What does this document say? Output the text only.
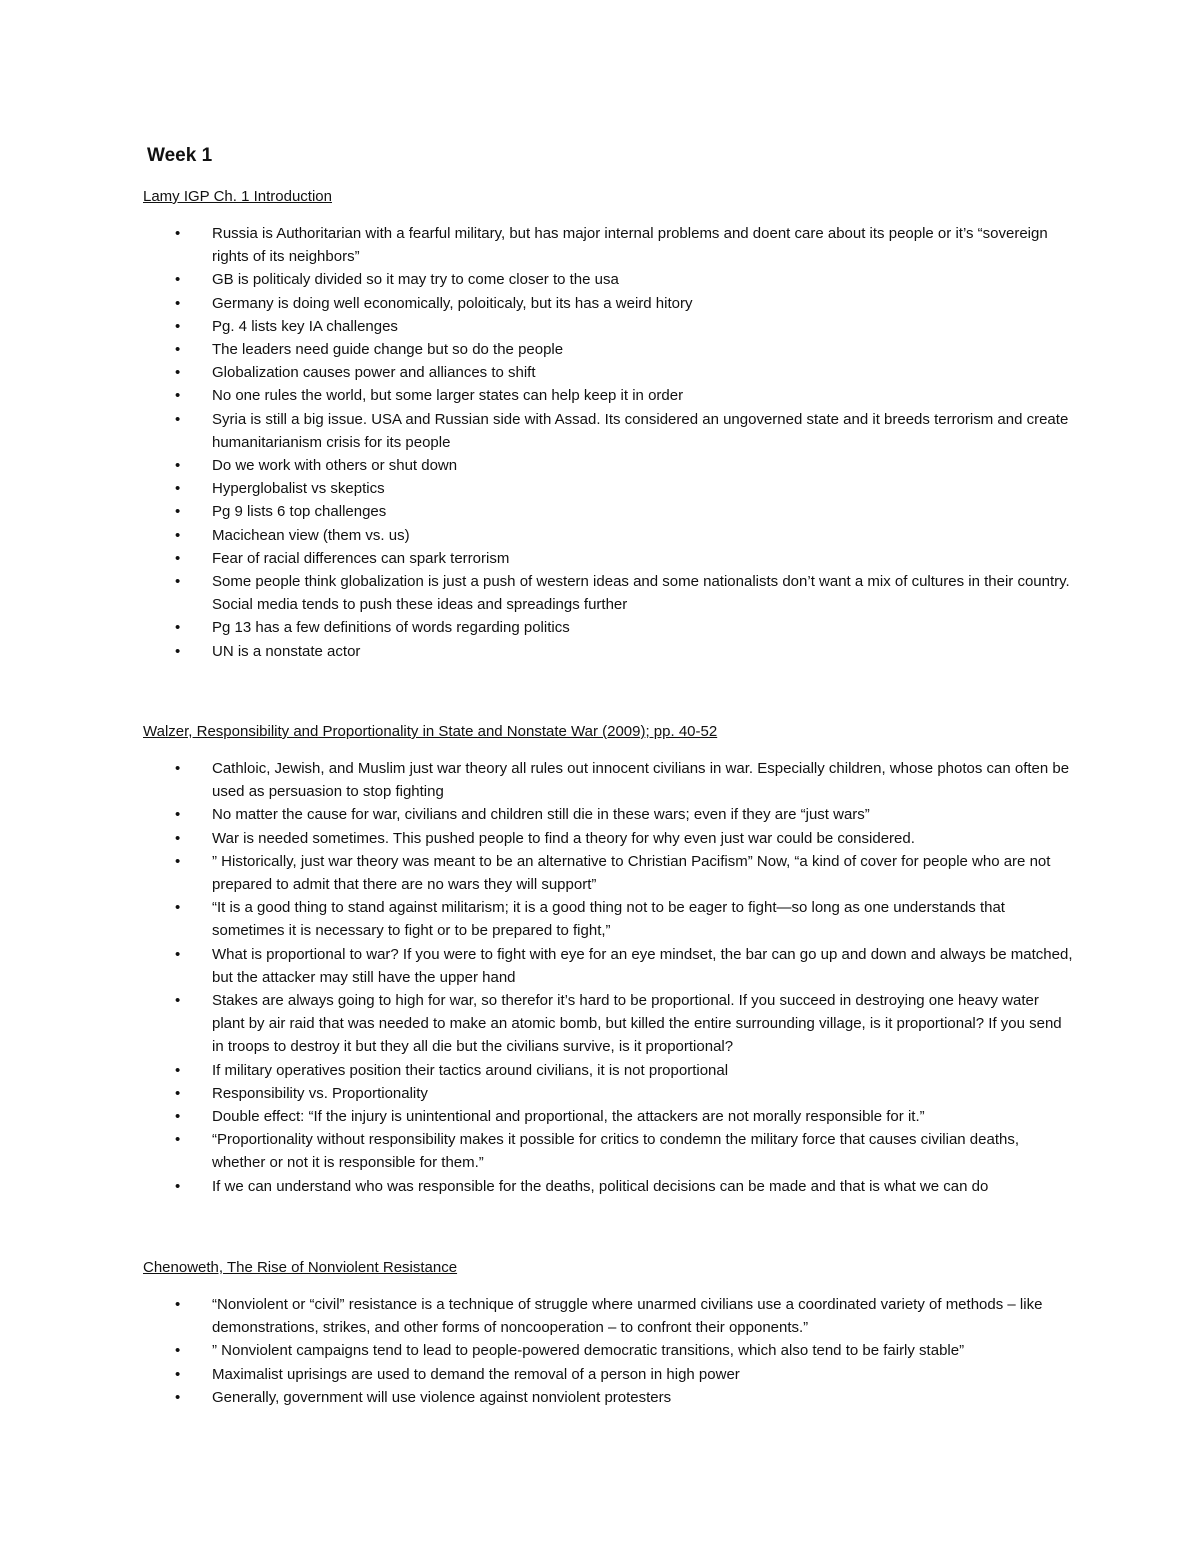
Week 1

Lamy IGP Ch. 1 Introduction

• Russia is Authoritarian with a fearful military, but has major internal problems and doent care about its people or it’s “sovereign rights of its neighbors”
• GB is politicaly divided so it may try to come closer to the usa
• Germany is doing well economically, poloiticaly, but its has a weird hitory
• Pg. 4 lists key IA challenges
• The leaders need guide change but so do the people
• Globalization causes power and alliances to shift
• No one rules the world, but some larger states can help keep it in order
• Syria is still a big issue. USA and Russian side with Assad. Its considered an ungoverned state and it breeds terrorism and create humanitarianism crisis for its people
• Do we work with others or shut down
• Hyperglobalist vs skeptics
• Pg 9 lists 6 top challenges
• Macichean view (them vs. us)
• Fear of racial differences can spark terrorism
• Some people think globalization is just a push of western ideas and some nationalists don’t want a mix of cultures in their country. Social media tends to push these ideas and spreadings further
• Pg 13 has a few definitions of words regarding politics
• UN is a nonstate actor

Walzer, Responsibility and Proportionality in State and Nonstate War (2009); pp. 40-52

• Cathloic, Jewish, and Muslim just war theory all rules out innocent civilians in war. Especially children, whose photos can often be used as persuasion to stop fighting
• No matter the cause for war, civilians and children still die in these wars; even if they are “just wars”
• War is needed sometimes. This pushed people to find a theory for why even just war could be considered.
• ” Historically, just war theory was meant to be an alternative to Christian Pacifism” Now, “a kind of cover for people who are not prepared to admit that there are no wars they will support”
• “It is a good thing to stand against militarism; it is a good thing not to be eager to fight—so long as one understands that sometimes it is necessary to fight or to be prepared to fight,”
• What is proportional to war? If you were to fight with eye for an eye mindset, the bar can go up and down and always be matched, but the attacker may still have the upper hand
• Stakes are always going to high for war, so therefor it’s hard to be proportional. If you succeed in destroying one heavy water plant by air raid that was needed to make an atomic bomb, but killed the entire surrounding village, is it proportional? If you send in troops to destroy it but they all die but the civilians survive, is it proportional?
• If military operatives position their tactics around civilians, it is not proportional
• Responsibility vs. Proportionality
• Double effect: “If the injury is unintentional and proportional, the attackers are not morally responsible for it.”
• “Proportionality without responsibility makes it possible for critics to condemn the military force that causes civilian deaths, whether or not it is responsible for them.”
• If we can understand who was responsible for the deaths, political decisions can be made and that is what we can do

Chenoweth, The Rise of Nonviolent Resistance

• “Nonviolent or “civil” resistance is a technique of struggle where unarmed civilians use a coordinated variety of methods – like demonstrations, strikes, and other forms of noncooperation – to confront their opponents.”
• ” Nonviolent campaigns tend to lead to people-powered democratic transitions, which also tend to be fairly stable”
• Maximalist uprisings are used to demand the removal of a person in high power
• Generally, government will use violence against nonviolent protesters
